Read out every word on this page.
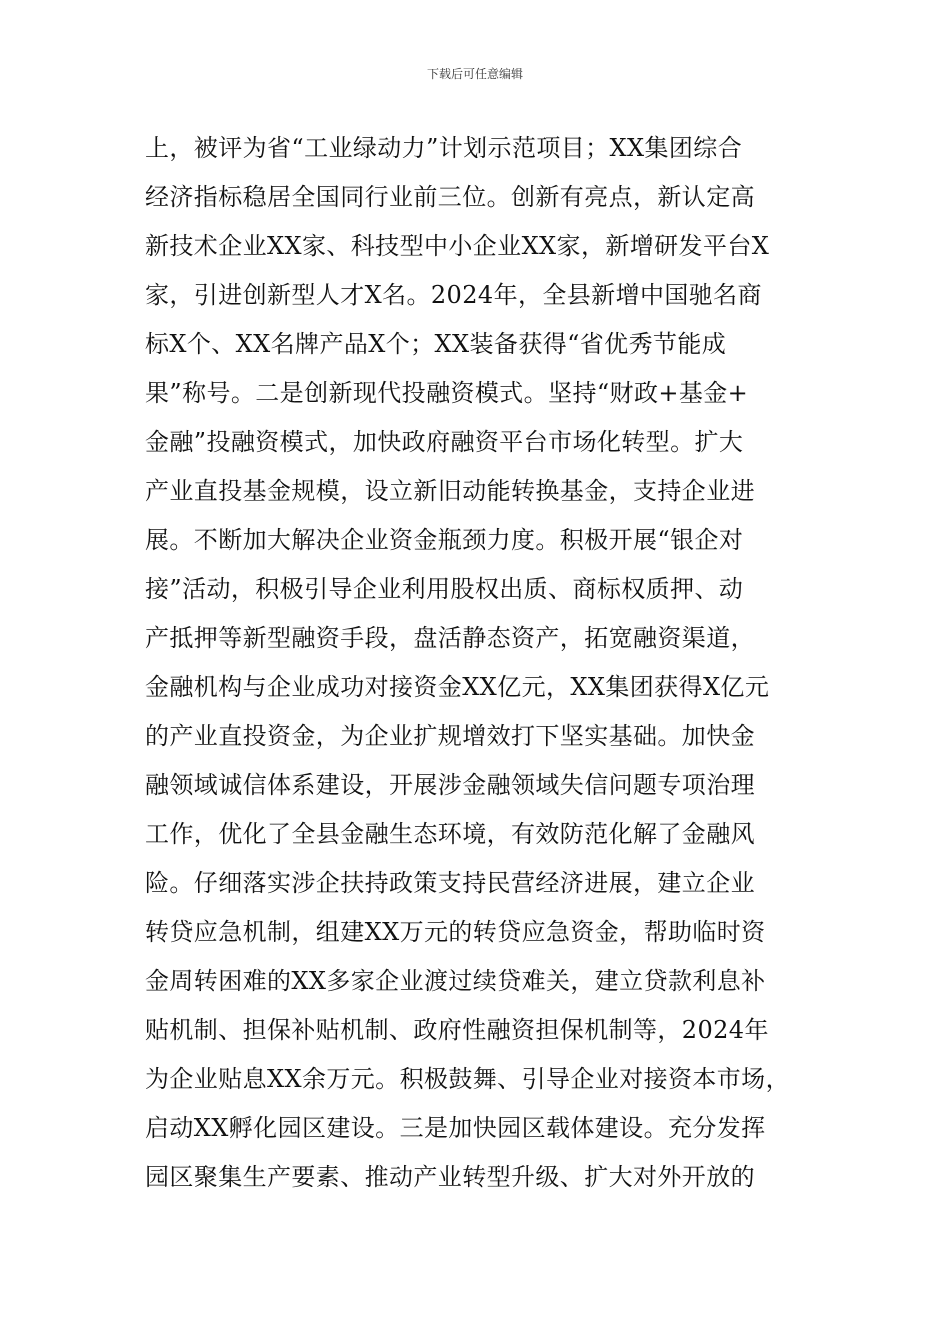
下载后可任意编辑
上，被评为省“工业绿动力”计划示范项目；XX集团综合
经济指标稳居全国同行业前三位。创新有亮点，新认定高
新技术企业XX家、科技型中小企业XX家，新增研发平台X
家，引进创新型人才X名。2024年，全县新增中国驰名商
标X个、XX名牌产品X个；XX装备获得“省优秀节能成
果”称号。二是创新现代投融资模式。坚持“财政+基金+
金融”投融资模式，加快政府融资平台市场化转型。扩大
产业直投基金规模，设立新旧动能转换基金，支持企业进
展。不断加大解决企业资金瓶颈力度。积极开展“银企对
接”活动，积极引导企业利用股权出质、商标权质押、动
产抵押等新型融资手段，盘活静态资产，拓宽融资渠道，
金融机构与企业成功对接资金XX亿元，XX集团获得X亿元
的产业直投资金，为企业扩规增效打下坚实基础。加快金
融领域诚信体系建设，开展涉金融领域失信问题专项治理
工作，优化了全县金融生态环境，有效防范化解了金融风
险。仔细落实涉企扶持政策支持民营经济进展，建立企业
转贷应急机制，组建XX万元的转贷应急资金，帮助临时资
金周转困难的XX多家企业渡过续贷难关，建立贷款利息补
贴机制、担保补贴机制、政府性融资担保机制等，2024年
为企业贴息XX余万元。积极鼓舞、引导企业对接资本市场，
启动XX孵化园区建设。三是加快园区载体建设。充分发挥
园区聚集生产要素、推动产业转型升级、扩大对外开放的
